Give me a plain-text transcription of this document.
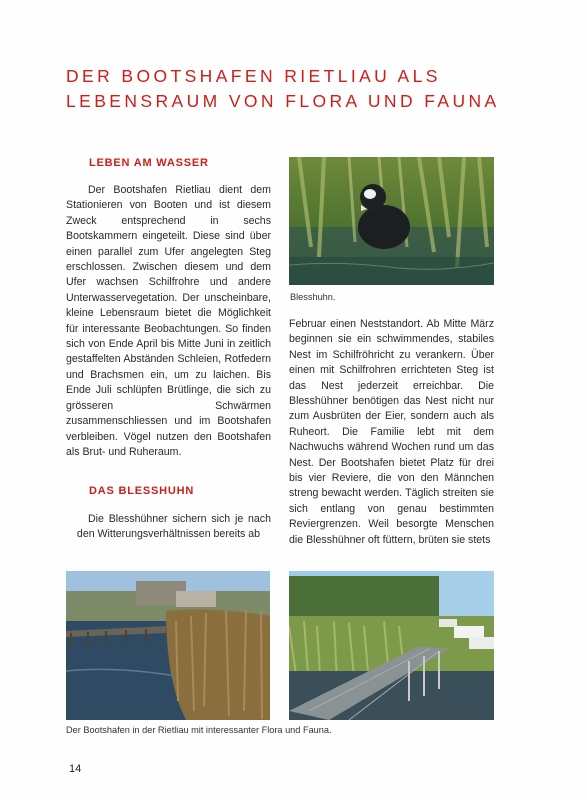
DER BOOTSHAFEN RIETLIAU ALS
LEBENSRAUM VON FLORA UND FAUNA
LEBEN AM WASSER

Der Bootshafen Rietliau dient dem Stationieren von Booten und ist diesem Zweck entsprechend in sechs Bootskammern eingeteilt. Diese sind über einen parallel zum Ufer angelegten Steg erschlossen. Zwischen diesem und dem Ufer wachsen Schilfrohre und andere Unterwasservegetation. Der unscheinbare, kleine Lebensraum bietet die Möglichkeit für interessante Beobachtungen. So finden sich von Ende April bis Mitte Juni in zeitlich gestaffelten Abständen Schleien, Rotfedern und Brachsmen ein, um zu laichen. Bis Ende Juli schlüpfen Brütlinge, die sich zu grösseren Schwärmen zusammenschliessen und im Bootshafen verbleiben. Vögel nutzen den Bootshafen als Brut- und Ruheraum.

DAS BLESSHUHN

Die Blesshühner sichern sich je nach den Witterungsverhältnissen bereits ab

Blesshuhn.

Februar einen Neststandort. Ab Mitte März beginnen sie ein schwimmendes, stabiles Nest im Schilfröhricht zu verankern. Über einen mit Schilfrohren errichteten Steg ist das Nest jederzeit erreichbar. Die Blesshühner benötigen das Nest nicht nur zum Ausbrüten der Eier, sondern auch als Ruheort. Die Familie lebt mit dem Nachwuchs während Wochen rund um das Nest. Der Bootshafen bietet Platz für drei bis vier Reviere, die von den Männchen streng bewacht werden. Täglich streiten sie sich entlang von genau bestimmten Reviergrenzen. Weil besorgte Menschen die Blesshühner oft füttern, brüten sie stets

Der Bootshafen in der Rietliau mit interessanter Flora und Fauna.

14
